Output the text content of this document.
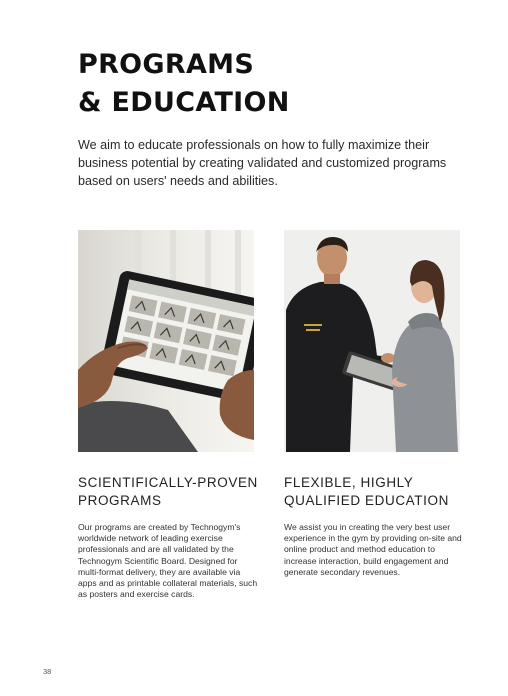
PROGRAMS
& EDUCATION

We aim to educate professionals on how to fully maximize their business potential by creating validated and customized programs based on users' needs and abilities.

SCIENTIFICALLY-PROVEN
PROGRAMS

Our programs are created by Technogym's worldwide network of leading exercise professionals and are all validated by the Technogym Scientific Board. Designed for multi-format delivery, they are available via apps and as printable collateral materials, such as posters and exercise cards.

FLEXIBLE, HIGHLY
QUALIFIED EDUCATION

We assist you in creating the very best user experience in the gym by providing on-site and online product and method education to increase interaction, build engagement and generate secondary revenues.

38
